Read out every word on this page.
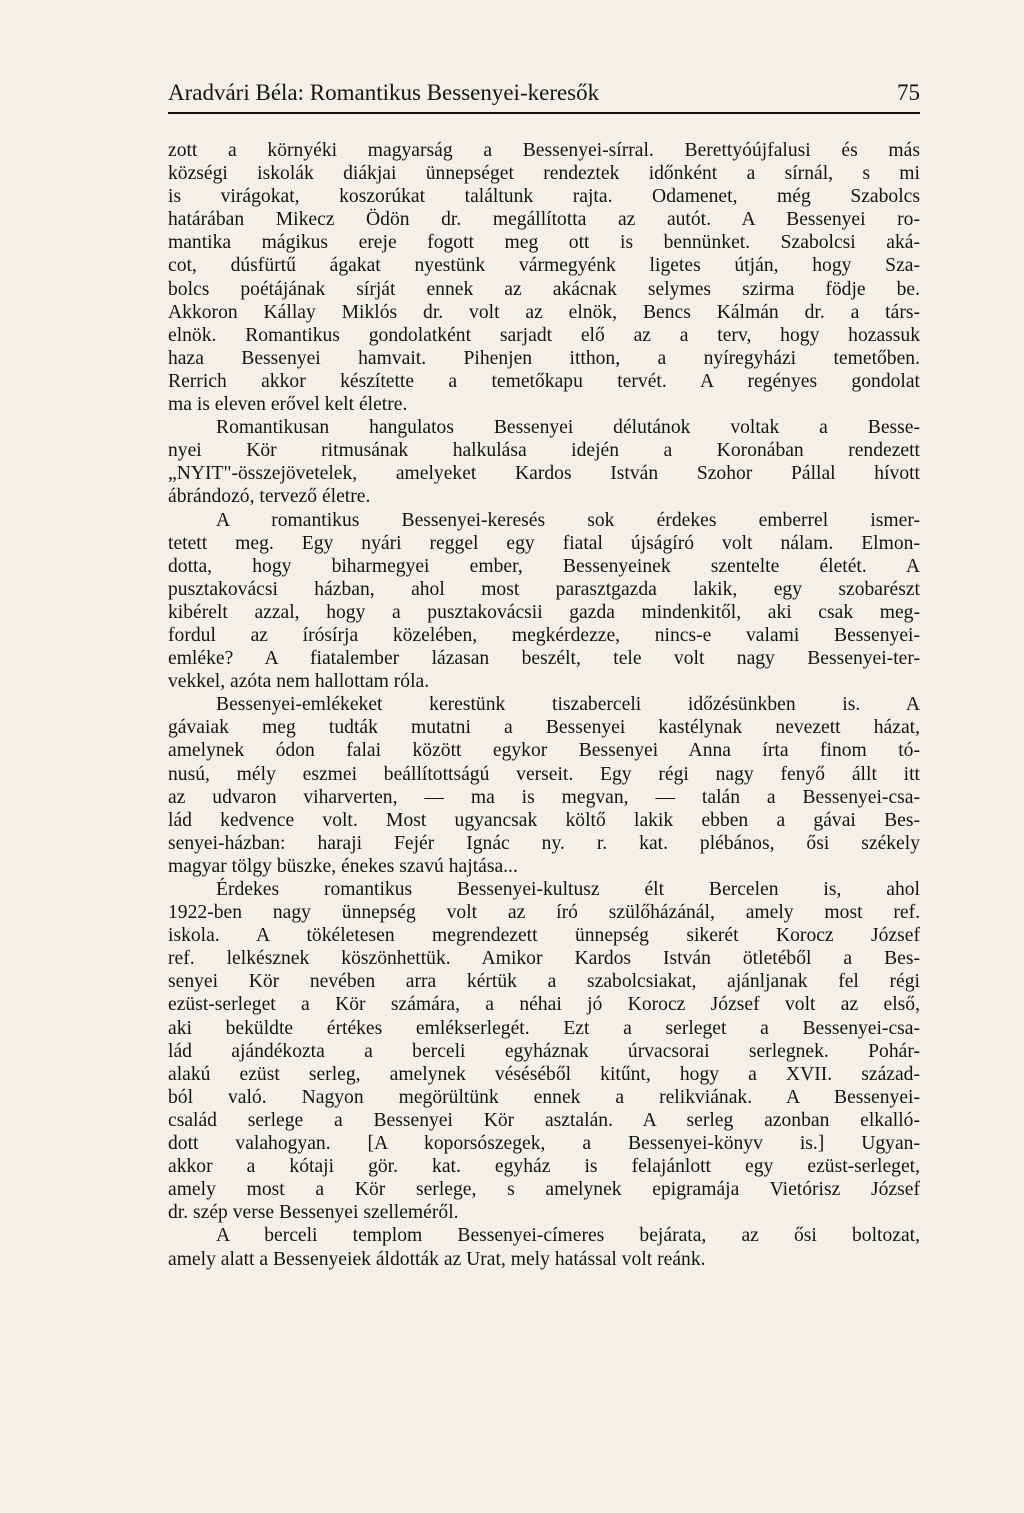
Aradvári Béla: Romantikus Bessenyei-keresők	75

zott a környéki magyarság a Bessenyei-sírral. Berettyóújfalusi és más
községi iskolák diákjai ünnepséget rendeztek időnként a sírnál, s mi
is virágokat, koszorúkat találtunk rajta. Odamenet, még Szabolcs
határában Mikecz Ödön dr. megállította az autót. A Bessenyei ro-
mantika mágikus ereje fogott meg ott is bennünket. Szabolcsi aká-
cot, dúsfürtű ágakat nyestünk vármegyénk ligetes útján, hogy Sza-
bolcs poétájának sírját ennek az akácnak selymes szirma födje be.
Akkoron Kállay Miklós dr. volt az elnök, Bencs Kálmán dr. a társ-
elnök. Romantikus gondolatként sarjadt elő az a terv, hogy hozassuk
haza Bessenyei hamvait. Pihenjen itthon, a nyíregyházi temetőben.
Rerrich akkor készítette a temetőkapu tervét. A regényes gondolat
ma is eleven erővel kelt életre.

Romantikusan hangulatos Bessenyei délutánok voltak a Besse-
nyei Kör ritmusának halkulása idején a Koronában rendezett
„NYIT"-összejövetelek, amelyeket Kardos István Szohor Pállal hívott
ábrándozó, tervező életre.

A romantikus Bessenyei-keresés sok érdekes emberrel ismer-
tetett meg. Egy nyári reggel egy fiatal újságíró volt nálam. Elmon-
dotta, hogy biharmegyei ember, Bessenyeinek szentelte életét. A
pusztakovácsi házban, ahol most parasztgazda lakik, egy szobarészt
kibérelt azzal, hogy a pusztakovácsii gazda mindenkitől, aki csak meg-
fordul az írósírja közelében, megkérdezze, nincs-e valami Bessenyei-
emléke? A fiatalember lázasan beszélt, tele volt nagy Bessenyei-ter-
vekkel, azóta nem hallottam róla.

Bessenyei-emlékeket kerestünk tiszaberceli időzésünkben is. A
gávaiak meg tudták mutatni a Bessenyei kastélynak nevezett házat,
amelynek ódon falai között egykor Bessenyei Anna írta finom tó-
nusú, mély eszmei beállítottságú verseit. Egy régi nagy fenyő állt itt
az udvaron viharverten, — ma is megvan, — talán a Bessenyei-csa-
lád kedvence volt. Most ugyancsak költő lakik ebben a gávai Bes-
senyei-házban: haraji Fejér Ignác ny. r. kat. plébános, ősi székely
magyar tölgy büszke, énekes szavú hajtása...

Érdekes romantikus Bessenyei-kultusz élt Bercelen is, ahol
1922-ben nagy ünnepség volt az író szülőházánál, amely most ref.
iskola. A tökéletesen megrendezett ünnepség sikerét Korocz József
ref. lelkésznek köszönhettük. Amikor Kardos István ötletéből a Bes-
senyei Kör nevében arra kértük a szabolcsiakat, ajánljanak fel régi
ezüst-serleget a Kör számára, a néhai jó Korocz József volt az első,
aki beküldte értékes emlékserlegét. Ezt a serleget a Bessenyei-csa-
lád ajándékozta a berceli egyháznak úrvacsorai serlegnek. Pohár-
alakú ezüst serleg, amelynek véséséből kitűnt, hogy a XVII. század-
ból való. Nagyon megörültünk ennek a relikviának. A Bessenyei-
család serlege a Bessenyei Kör asztalán. A serleg azonban elkalló-
dott valahogyan. [A koporsószegek, a Bessenyei-könyv is.] Ugyan-
akkor a kótaji gör. kat. egyház is felajánlott egy ezüst-serleget,
amely most a Kör serlege, s amelynek epigramája Vietórisz József
dr. szép verse Bessenyei szelleméről.

A berceli templom Bessenyei-címeres bejárata, az ősi boltozat,
amely alatt a Bessenyeiek áldották az Urat, mely hatással volt reánk.
